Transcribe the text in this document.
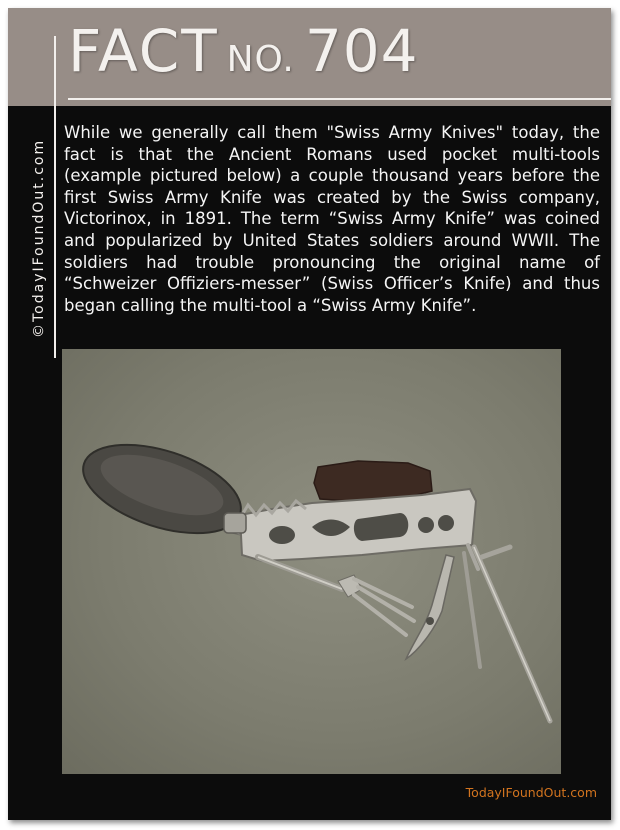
FACT NO. 704
©TodayIFoundOut.com

While we generally call them "Swiss Army Knives" today, the fact is that the Ancient Romans used pocket multi-tools (example pictured below) a couple thousand years before the first Swiss Army Knife was created by the Swiss company, Victorinox, in 1891. The term “Swiss Army Knife” was coined and popularized by United States soldiers around WWII. The soldiers had trouble pronouncing the original name of “Schweizer Offiziers-messer” (Swiss Officer’s Knife) and thus began calling the multi-tool a “Swiss Army Knife”.

TodayIFoundOut.com
